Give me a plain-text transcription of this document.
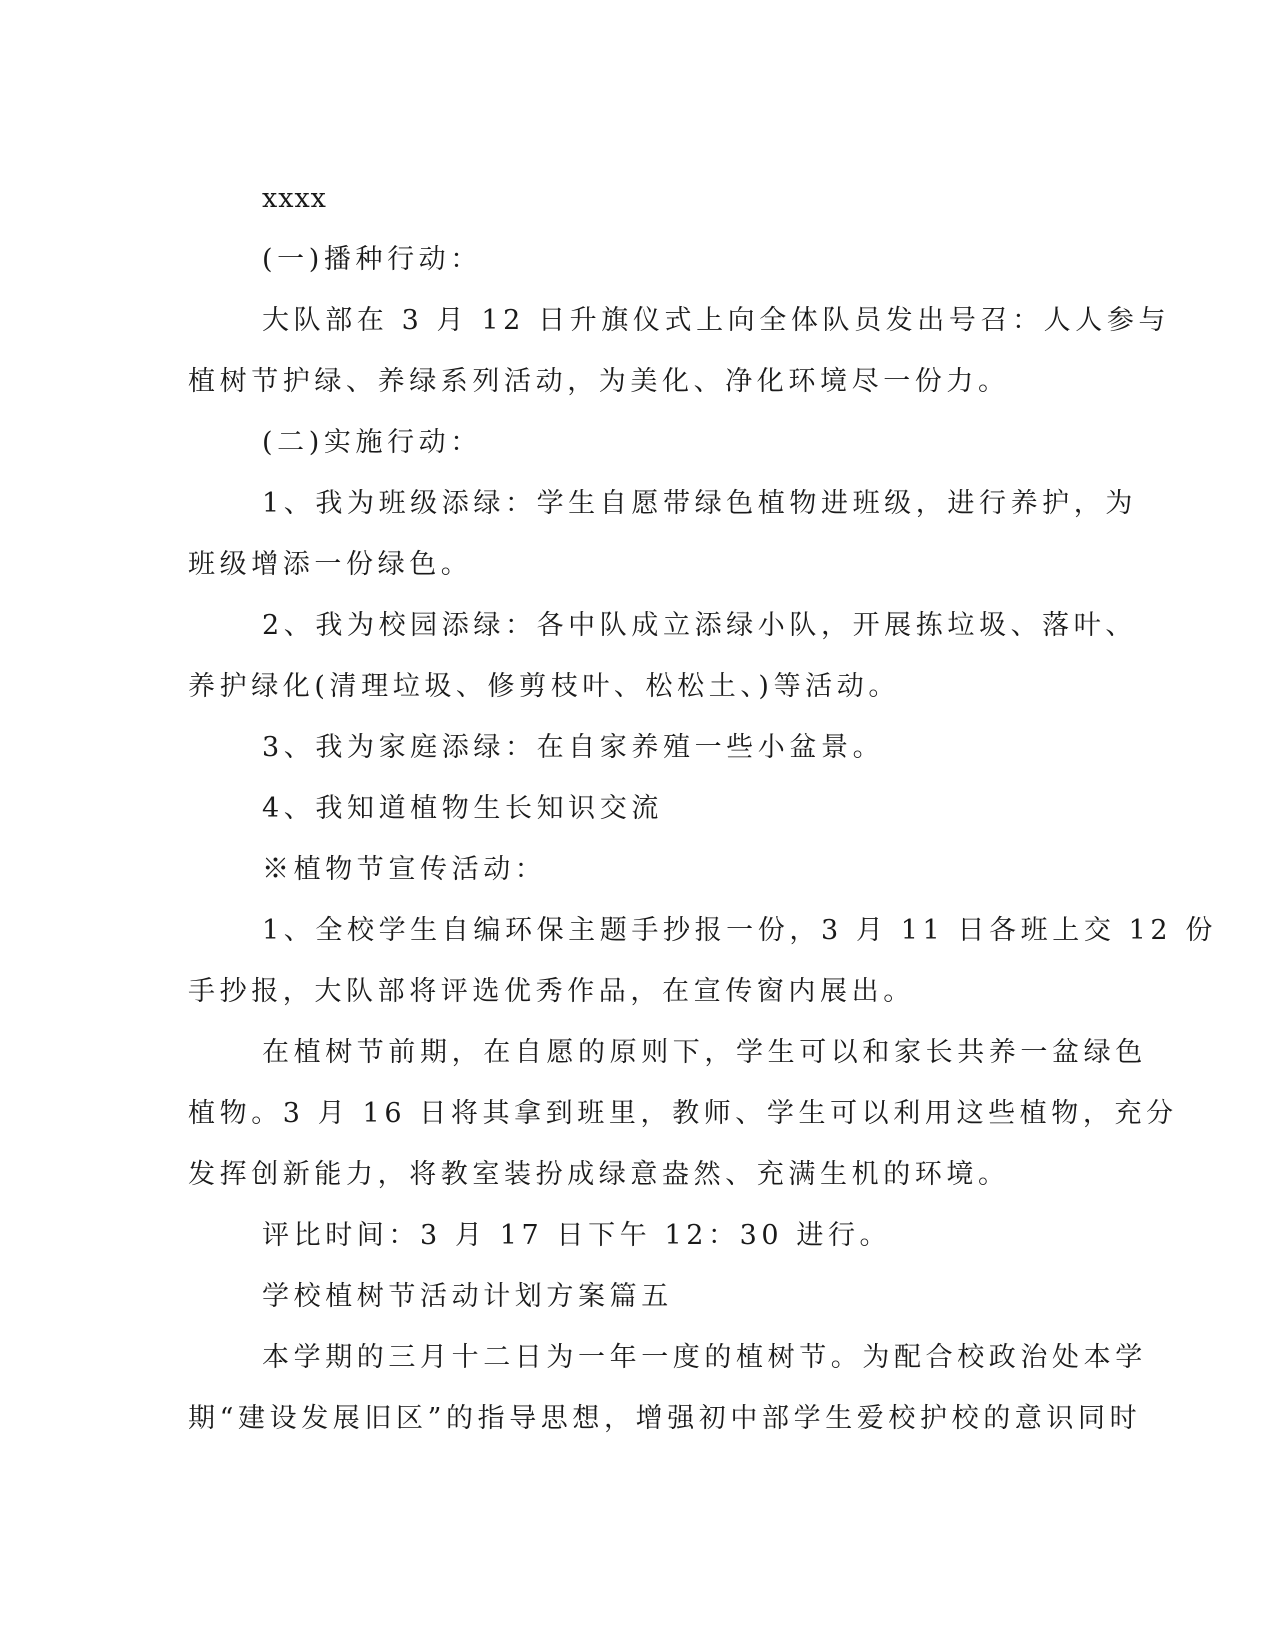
xxxx
(一)播种行动：
大队部在 3 月 12 日升旗仪式上向全体队员发出号召：人人参与
植树节护绿、养绿系列活动，为美化、净化环境尽一份力。
(二)实施行动：
1、我为班级添绿：学生自愿带绿色植物进班级，进行养护，为
班级增添一份绿色。
2、我为校园添绿：各中队成立添绿小队，开展拣垃圾、落叶、
养护绿化(清理垃圾、修剪枝叶、松松土、)等活动。
3、我为家庭添绿：在自家养殖一些小盆景。
4、我知道植物生长知识交流
※植物节宣传活动：
1、全校学生自编环保主题手抄报一份，3 月 11 日各班上交 12 份
手抄报，大队部将评选优秀作品，在宣传窗内展出。
在植树节前期，在自愿的原则下，学生可以和家长共养一盆绿色
植物。3 月 16 日将其拿到班里，教师、学生可以利用这些植物，充分
发挥创新能力，将教室装扮成绿意盎然、充满生机的环境。
评比时间：3 月 17 日下午 12：30 进行。
学校植树节活动计划方案篇五
本学期的三月十二日为一年一度的植树节。为配合校政治处本学
期“建设发展旧区”的指导思想，增强初中部学生爱校护校的意识同时
